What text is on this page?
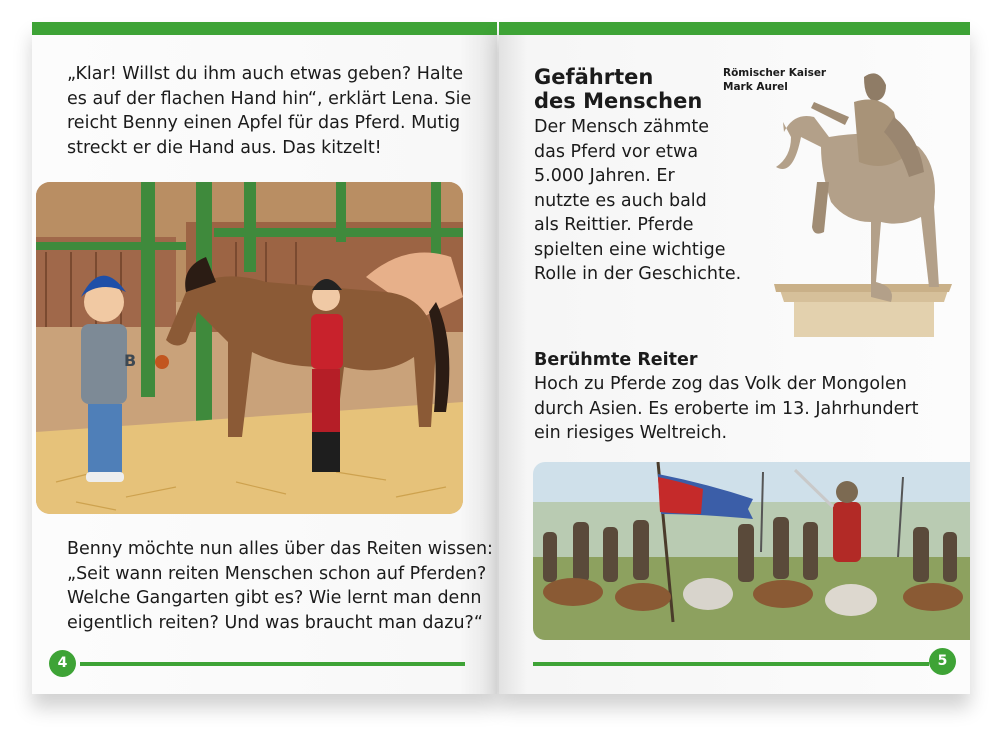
„Klar! Willst du ihm auch etwas geben? Halte
es auf der flachen Hand hin“, erklärt Lena. Sie
reicht Benny einen Apfel für das Pferd. Mutig
streckt er die Hand aus. Das kitzelt!
B
Benny möchte nun alles über das Reiten wissen:
„Seit wann reiten Menschen schon auf Pferden?
Welche Gangarten gibt es? Wie lernt man denn
eigentlich reiten? Und was braucht man dazu?“
4
Gefährten
des Menschen
Der Mensch zähmte
das Pferd vor etwa
5.000 Jahren. Er
nutzte es auch bald
als Reittier. Pferde
spielten eine wichtige
Rolle in der Geschichte.
Römischer Kaiser
Mark Aurel
Berühmte Reiter
Hoch zu Pferde zog das Volk der Mongolen
durch Asien. Es eroberte im 13. Jahrhundert
ein riesiges Weltreich.
5
